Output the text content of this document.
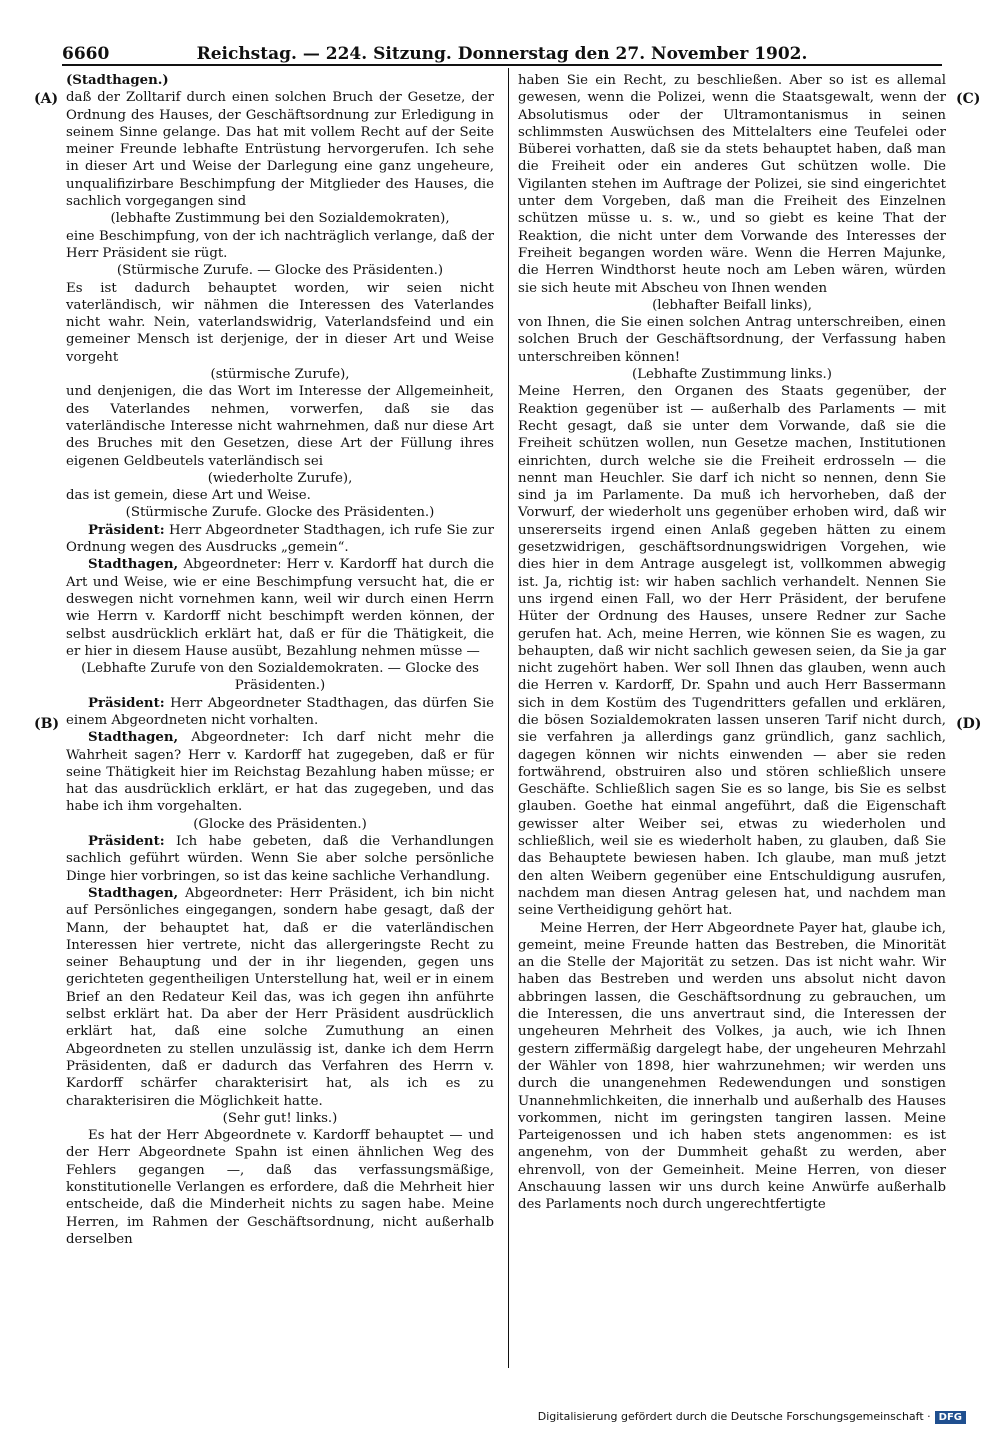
6660	Reichstag. — 224. Sitzung. Donnerstag den 27. November 1902.
(A)
(B)
(C)
(D)

(Stadthagen.)

daß der Zolltarif durch einen solchen Bruch der Gesetze, der Ordnung des Hauses, der Geschäftsordnung zur Erledigung in seinem Sinne gelange. Das hat mit vollem Recht auf der Seite meiner Freunde lebhafte Entrüstung hervorgerufen. Ich sehe in dieser Art und Weise der Darlegung eine ganz ungeheure, unqualifizirbare Beschimpfung der Mitglieder des Hauses, die sachlich vorgegangen sind

(lebhafte Zustimmung bei den Sozialdemokraten),

eine Beschimpfung, von der ich nachträglich verlange, daß der Herr Präsident sie rügt.

(Stürmische Zurufe. — Glocke des Präsidenten.)

Es ist dadurch behauptet worden, wir seien nicht vaterländisch, wir nähmen die Interessen des Vaterlandes nicht wahr. Nein, vaterlandswidrig, Vaterlandsfeind und ein gemeiner Mensch ist derjenige, der in dieser Art und Weise vorgeht

(stürmische Zurufe),

und denjenigen, die das Wort im Interesse der Allgemeinheit, des Vaterlandes nehmen, vorwerfen, daß sie das vaterländische Interesse nicht wahrnehmen, daß nur diese Art des Bruches mit den Gesetzen, diese Art der Füllung ihres eigenen Geldbeutels vaterländisch sei

(wiederholte Zurufe),

das ist gemein, diese Art und Weise.

(Stürmische Zurufe. Glocke des Präsidenten.)

Präsident: Herr Abgeordneter Stadthagen, ich rufe Sie zur Ordnung wegen des Ausdrucks „gemein“.

Stadthagen, Abgeordneter: Herr v. Kardorff hat durch die Art und Weise, wie er eine Beschimpfung versucht hat, die er deswegen nicht vornehmen kann, weil wir durch einen Herrn wie Herrn v. Kardorff nicht beschimpft werden können, der selbst ausdrücklich erklärt hat, daß er für die Thätigkeit, die er hier in diesem Hause ausübt, Bezahlung nehmen müsse —

(Lebhafte Zurufe von den Sozialdemokraten. — Glocke des Präsidenten.)

Präsident: Herr Abgeordneter Stadthagen, das dürfen Sie einem Abgeordneten nicht vorhalten.

Stadthagen, Abgeordneter: Ich darf nicht mehr die Wahrheit sagen? Herr v. Kardorff hat zugegeben, daß er für seine Thätigkeit hier im Reichstag Bezahlung haben müsse; er hat das ausdrücklich erklärt, er hat das zugegeben, und das habe ich ihm vorgehalten.

(Glocke des Präsidenten.)

Präsident: Ich habe gebeten, daß die Verhandlungen sachlich geführt würden. Wenn Sie aber solche persönliche Dinge hier vorbringen, so ist das keine sachliche Verhandlung.

Stadthagen, Abgeordneter: Herr Präsident, ich bin nicht auf Persönliches eingegangen, sondern habe gesagt, daß der Mann, der behauptet hat, daß er die vaterländischen Interessen hier vertrete, nicht das allergeringste Recht zu seiner Behauptung und der in ihr liegenden, gegen uns gerichteten gegentheiligen Unterstellung hat, weil er in einem Brief an den Redateur Keil das, was ich gegen ihn anführte selbst erklärt hat. Da aber der Herr Präsident ausdrücklich erklärt hat, daß eine solche Zumuthung an einen Abgeordneten zu stellen unzulässig ist, danke ich dem Herrn Präsidenten, daß er dadurch das Verfahren des Herrn v. Kardorff schärfer charakterisirt hat, als ich es zu charakterisiren die Möglichkeit hatte.

(Sehr gut! links.)

Es hat der Herr Abgeordnete v. Kardorff behauptet — und der Herr Abgeordnete Spahn ist einen ähnlichen Weg des Fehlers gegangen —, daß das verfassungsmäßige, konstitutionelle Verlangen es erfordere, daß die Mehrheit hier entscheide, daß die Minderheit nichts zu sagen habe. Meine Herren, im Rahmen der Geschäftsordnung, nicht außerhalb derselben

haben Sie ein Recht, zu beschließen. Aber so ist es allemal gewesen, wenn die Polizei, wenn die Staatsgewalt, wenn der Absolutismus oder der Ultramontanismus in seinen schlimmsten Auswüchsen des Mittelalters eine Teufelei oder Büberei vorhatten, daß sie da stets behauptet haben, daß man die Freiheit oder ein anderes Gut schützen wolle. Die Vigilanten stehen im Auftrage der Polizei, sie sind eingerichtet unter dem Vorgeben, daß man die Freiheit des Einzelnen schützen müsse u. s. w., und so giebt es keine That der Reaktion, die nicht unter dem Vorwande des Interesses der Freiheit begangen worden wäre. Wenn die Herren Majunke, die Herren Windthorst heute noch am Leben wären, würden sie sich heute mit Abscheu von Ihnen wenden

(lebhafter Beifall links),

von Ihnen, die Sie einen solchen Antrag unterschreiben, einen solchen Bruch der Geschäftsordnung, der Verfassung haben unterschreiben können!

(Lebhafte Zustimmung links.)

Meine Herren, den Organen des Staats gegenüber, der Reaktion gegenüber ist — außerhalb des Parlaments — mit Recht gesagt, daß sie unter dem Vorwande, daß sie die Freiheit schützen wollen, nun Gesetze machen, Institutionen einrichten, durch welche sie die Freiheit erdrosseln — die nennt man Heuchler. Sie darf ich nicht so nennen, denn Sie sind ja im Parlamente. Da muß ich hervorheben, daß der Vorwurf, der wiederholt uns gegenüber erhoben wird, daß wir unsererseits irgend einen Anlaß gegeben hätten zu einem gesetzwidrigen, geschäftsordnungswidrigen Vorgehen, wie dies hier in dem Antrage ausgelegt ist, vollkommen abwegig ist. Ja, richtig ist: wir haben sachlich verhandelt. Nennen Sie uns irgend einen Fall, wo der Herr Präsident, der berufene Hüter der Ordnung des Hauses, unsere Redner zur Sache gerufen hat. Ach, meine Herren, wie können Sie es wagen, zu behaupten, daß wir nicht sachlich gewesen seien, da Sie ja gar nicht zugehört haben. Wer soll Ihnen das glauben, wenn auch die Herren v. Kardorff, Dr. Spahn und auch Herr Bassermann sich in dem Kostüm des Tugendritters gefallen und erklären, die bösen Sozialdemokraten lassen unseren Tarif nicht durch, sie verfahren ja allerdings ganz gründlich, ganz sachlich, dagegen können wir nichts einwenden — aber sie reden fortwährend, obstruiren also und stören schließlich unsere Geschäfte. Schließlich sagen Sie es so lange, bis Sie es selbst glauben. Goethe hat einmal angeführt, daß die Eigenschaft gewisser alter Weiber sei, etwas zu wiederholen und schließlich, weil sie es wiederholt haben, zu glauben, daß Sie das Behauptete bewiesen haben. Ich glaube, man muß jetzt den alten Weibern gegenüber eine Entschuldigung ausrufen, nachdem man diesen Antrag gelesen hat, und nachdem man seine Vertheidigung gehört hat.

Meine Herren, der Herr Abgeordnete Payer hat, glaube ich, gemeint, meine Freunde hatten das Bestreben, die Minorität an die Stelle der Majorität zu setzen. Das ist nicht wahr. Wir haben das Bestreben und werden uns absolut nicht davon abbringen lassen, die Geschäftsordnung zu gebrauchen, um die Interessen, die uns anvertraut sind, die Interessen der ungeheuren Mehrheit des Volkes, ja auch, wie ich Ihnen gestern ziffermäßig dargelegt habe, der ungeheuren Mehrzahl der Wähler von 1898, hier wahrzunehmen; wir werden uns durch die unangenehmen Redewendungen und sonstigen Unannehmlichkeiten, die innerhalb und außerhalb des Hauses vorkommen, nicht im geringsten tangiren lassen. Meine Parteigenossen und ich haben stets angenommen: es ist angenehm, von der Dummheit gehaßt zu werden, aber ehrenvoll, von der Gemeinheit. Meine Herren, von dieser Anschauung lassen wir uns durch keine Anwürfe außerhalb des Parlaments noch durch ungerechtfertigte

Digitalisierung gefördert durch die Deutsche Forschungsgemeinschaft · DFG
